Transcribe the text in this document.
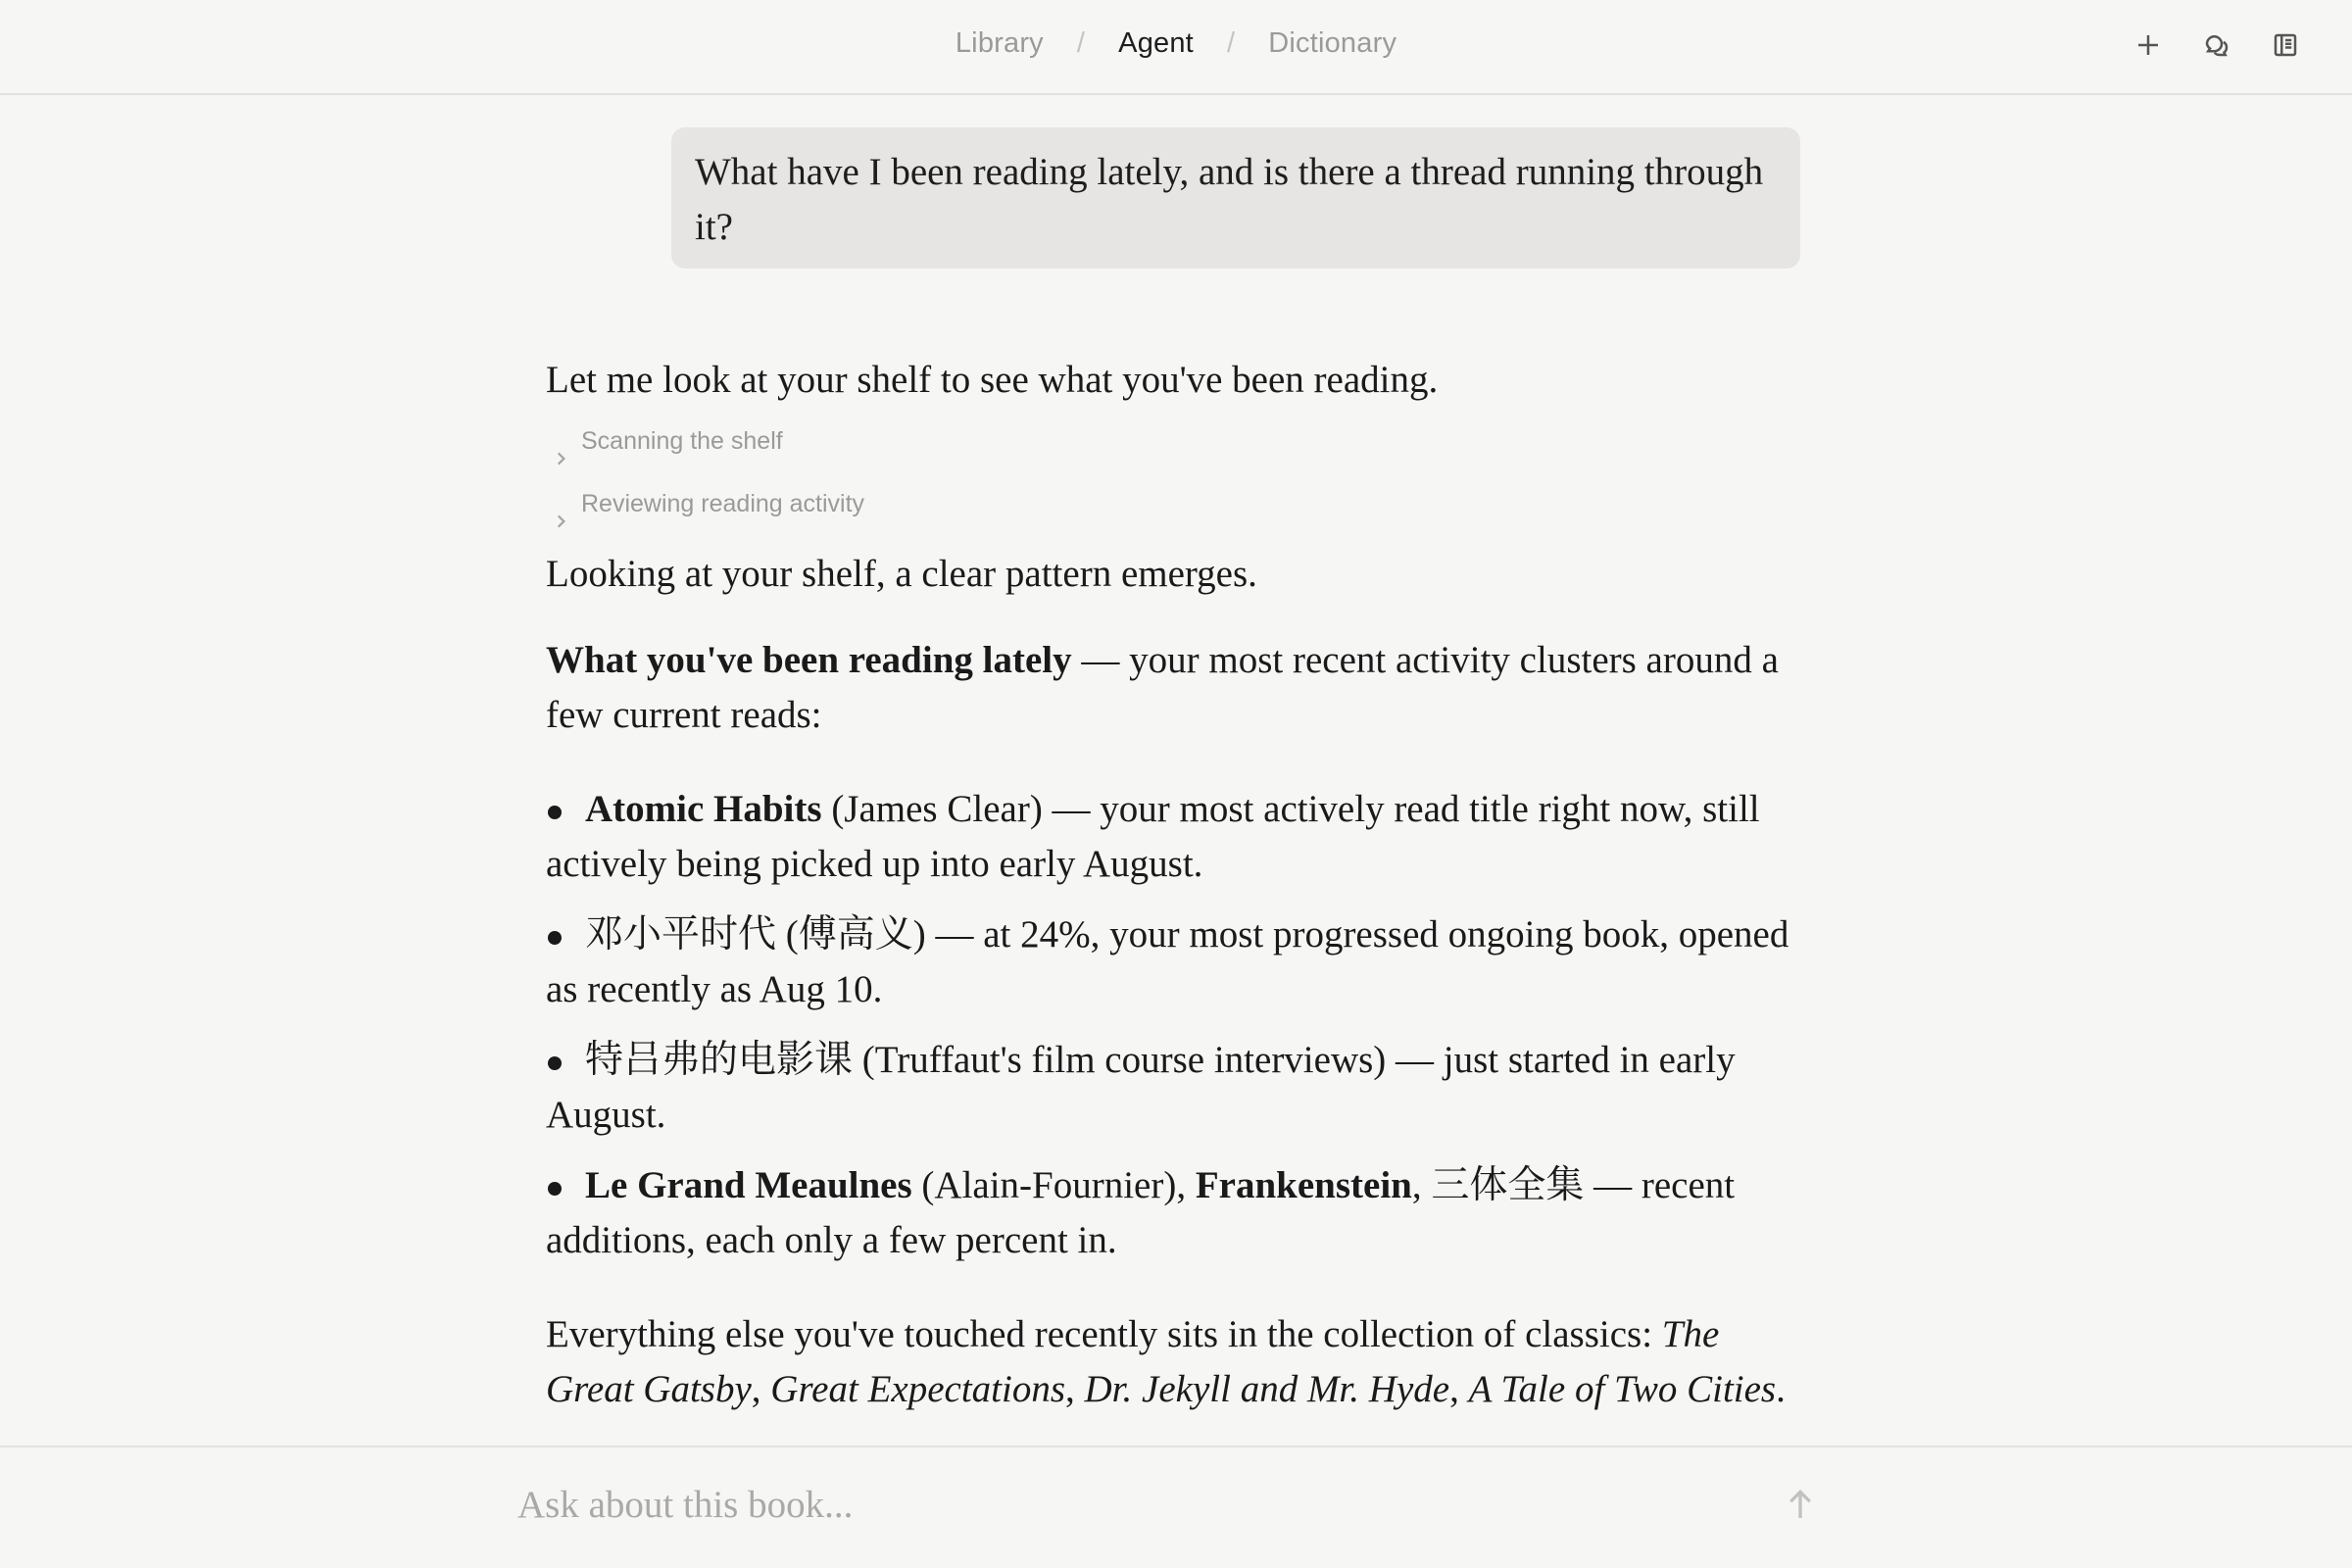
Library / Agent / Dictionary
What have I been reading lately, and is there a thread running through it?

Let me look at your shelf to see what you've been reading.

Scanning the shelf
Reviewing reading activity

Looking at your shelf, a clear pattern emerges.

What you've been reading lately — your most recent activity clusters around a few current reads:

Atomic Habits (James Clear) — your most actively read title right now, still actively being picked up into early August.
邓小平时代 (傅高义) — at 24%, your most progressed ongoing book, opened as recently as Aug 10.
特吕弗的电影课 (Truffaut's film course interviews) — just started in early August.
Le Grand Meaulnes (Alain-Fournier), Frankenstein, 三体全集 — recent additions, each only a few percent in.

Everything else you've touched recently sits in the collection of classics: The Great Gatsby, Great Expectations, Dr. Jekyll and Mr. Hyde, A Tale of Two Cities.

Ask about this book...
